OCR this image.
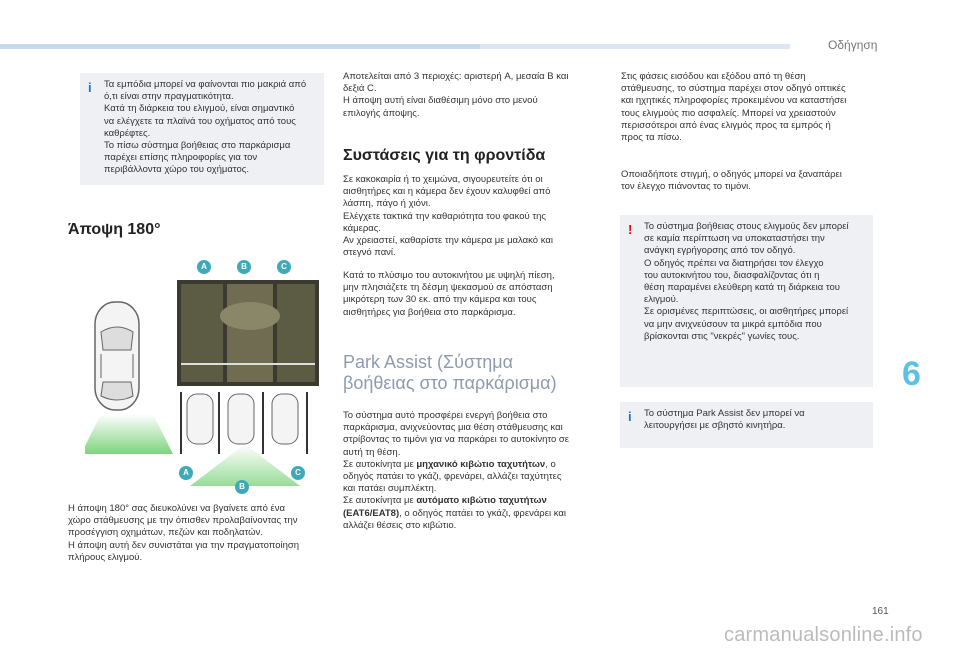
Οδήγηση
6
161
carmanualsonline.info
i	Τα εμπόδια μπορεί να φαίνονται πιο μακριά από
ό,τι είναι στην πραγματικότητα.
Κατά τη διάρκεια του ελιγμού, είναι σημαντικό
να ελέγχετε τα πλαϊνά του οχήματος από τους
καθρέφτες.
Το πίσω σύστημα βοήθειας στο παρκάρισμα
παρέχει επίσης πληροφορίες για τον
περιβάλλοντα χώρο του οχήματος.
Άποψη 180°
A	B	C
A
B
C
Η άποψη 180° σας διευκολύνει να βγαίνετε από ένα
χώρο στάθμευσης με την όπισθεν προλαβαίνοντας την
προσέγγιση οχημάτων, πεζών και ποδηλατών.
Η άποψη αυτή δεν συνιστάται για την πραγματοποίηση
πλήρους ελιγμού.
Αποτελείται από 3 περιοχές: αριστερή A, μεσαία B και
δεξιά C.
Η άποψη αυτή είναι διαθέσιμη μόνο στο μενού
επιλογής άποψης.
Συστάσεις για τη φροντίδα
Σε κακοκαιρία ή το χειμώνα, σιγουρευτείτε ότι οι
αισθητήρες και η κάμερα δεν έχουν καλυφθεί από
λάσπη, πάγο ή χιόνι.
Ελέγχετε τακτικά την καθαριότητα του φακού της
κάμερας.
Αν χρειαστεί, καθαρίστε την κάμερα με μαλακό και
στεγνό πανί.
Κατά το πλύσιμο του αυτοκινήτου με υψηλή πίεση,
μην πλησιάζετε τη δέσμη ψεκασμού σε απόσταση
μικρότερη των 30 εκ. από την κάμερα και τους
αισθητήρες για βοήθεια στο παρκάρισμα.
Park Assist (Σύστημα
βοήθειας στο παρκάρισμα)
Το σύστημα αυτό προσφέρει ενεργή βοήθεια στο
παρκάρισμα, ανιχνεύοντας μια θέση στάθμευσης και
στρίβοντας το τιμόνι για να παρκάρει το αυτοκίνητο σε
αυτή τη θέση.
Σε αυτοκίνητα με μηχανικό κιβώτιο ταχυτήτων, ο
οδηγός πατάει το γκάζι, φρενάρει, αλλάζει ταχύτητες
και πατάει συμπλέκτη.
Σε αυτοκίνητα με αυτόματο κιβώτιο ταχυτήτων
(EAT6/EAT8), ο οδηγός πατάει το γκάζι, φρενάρει και
αλλάζει θέσεις στο κιβώτιο.
Στις φάσεις εισόδου και εξόδου από τη θέση
στάθμευσης, το σύστημα παρέχει στον οδηγό οπτικές
και ηχητικές πληροφορίες προκειμένου να καταστήσει
τους ελιγμούς πιο ασφαλείς. Μπορεί να χρειαστούν
περισσότεροι από ένας ελιγμός προς τα εμπρός ή
προς τα πίσω.
Οποιαδήποτε στιγμή, ο οδηγός μπορεί να ξαναπάρει
τον έλεγχο πιάνοντας το τιμόνι.
!	Το σύστημα βοήθειας στους ελιγμούς δεν μπορεί
σε καμία περίπτωση να υποκαταστήσει την
ανάγκη εγρήγορσης από τον οδηγό.
Ο οδηγός πρέπει να διατηρήσει τον έλεγχο
του αυτοκινήτου του, διασφαλίζοντας ότι η
θέση παραμένει ελεύθερη κατά τη διάρκεια του
ελιγμού.
Σε ορισμένες περιπτώσεις, οι αισθητήρες μπορεί
να μην ανιχνεύσουν τα μικρά εμπόδια που
βρίσκονται στις "νεκρές" γωνίες τους.
i	Το σύστημα Park Assist δεν μπορεί να
λειτουργήσει με σβηστό κινητήρα.
